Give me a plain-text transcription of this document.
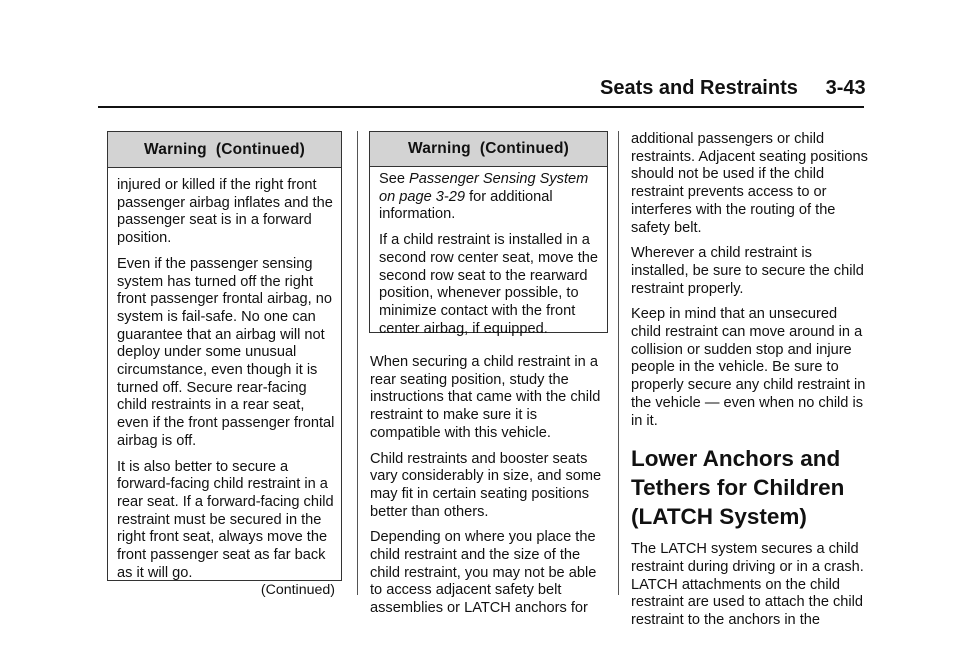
Seats and Restraints     3-43
Warning  (Continued)

injured or killed if the right front passenger airbag inflates and the passenger seat is in a forward position.

Even if the passenger sensing system has turned off the right front passenger frontal airbag, no system is fail-safe. No one can guarantee that an airbag will not deploy under some unusual circumstance, even though it is turned off. Secure rear-facing child restraints in a rear seat, even if the front passenger frontal airbag is off.

It is also better to secure a forward-facing child restraint in a rear seat. If a forward-facing child restraint must be secured in the right front seat, always move the front passenger seat as far back as it will go.

(Continued)
Warning  (Continued)

See Passenger Sensing System on page 3-29 for additional information.

If a child restraint is installed in a second row center seat, move the second row seat to the rearward position, whenever possible, to minimize contact with the front center airbag, if equipped.

When securing a child restraint in a rear seating position, study the instructions that came with the child restraint to make sure it is compatible with this vehicle.

Child restraints and booster seats vary considerably in size, and some may fit in certain seating positions better than others.

Depending on where you place the child restraint and the size of the child restraint, you may not be able to access adjacent safety belt assemblies or LATCH anchors for

additional passengers or child restraints. Adjacent seating positions should not be used if the child restraint prevents access to or interferes with the routing of the safety belt.

Wherever a child restraint is installed, be sure to secure the child restraint properly.

Keep in mind that an unsecured child restraint can move around in a collision or sudden stop and injure people in the vehicle. Be sure to properly secure any child restraint in the vehicle — even when no child is in it.

Lower Anchors and Tethers for Children (LATCH System)

The LATCH system secures a child restraint during driving or in a crash. LATCH attachments on the child restraint are used to attach the child restraint to the anchors in the
